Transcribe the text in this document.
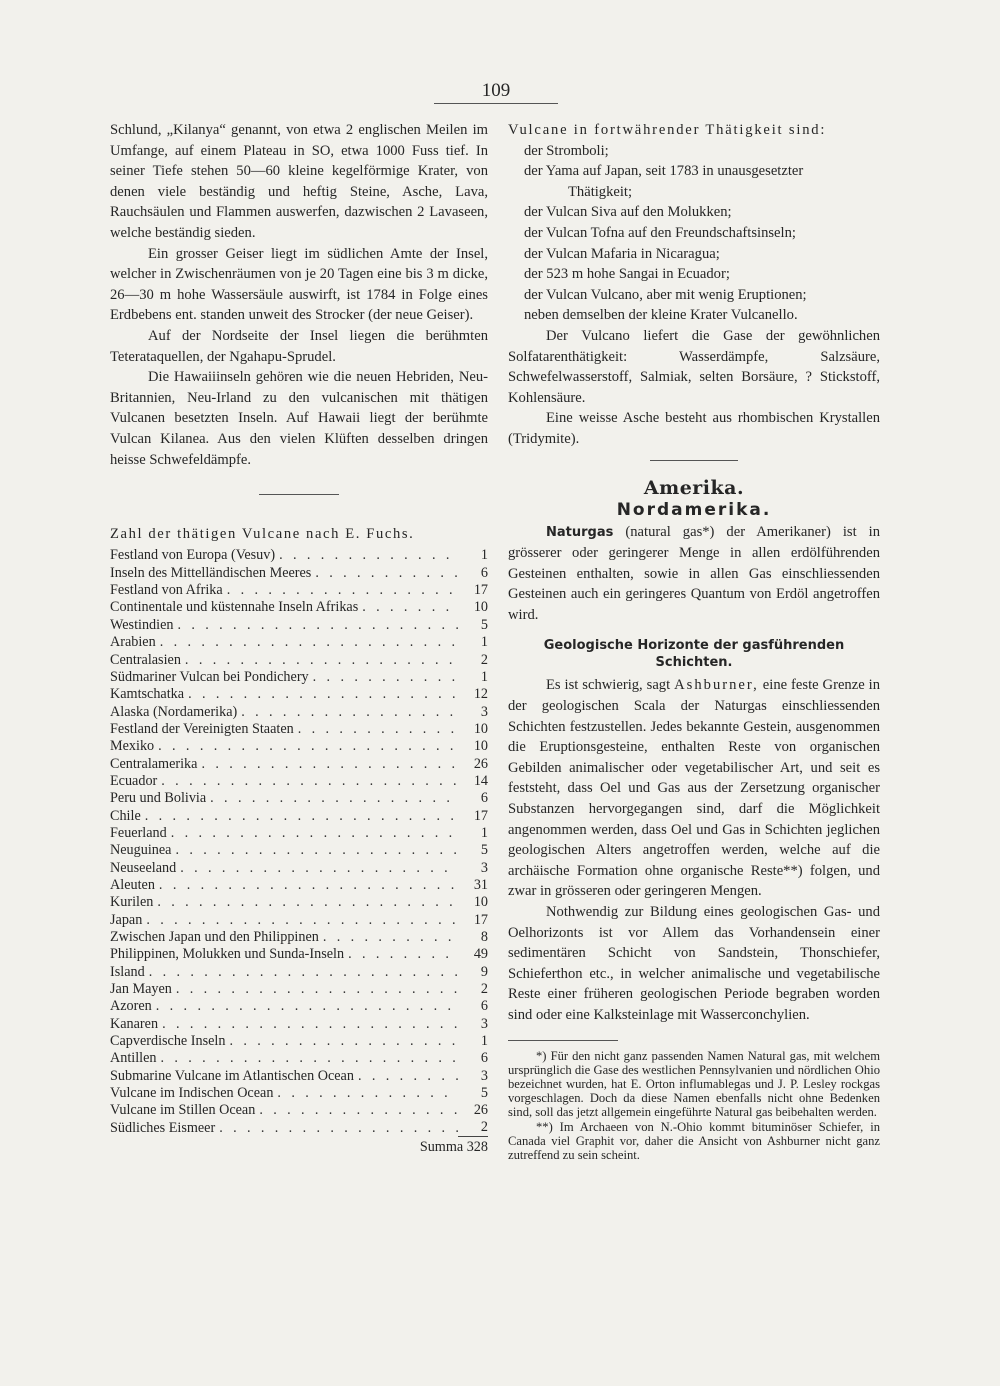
109

Schlund, „Kilanya“ genannt, von etwa 2 englischen Meilen im Umfange, auf einem Plateau in SO, etwa 1000 Fuss tief. In seiner Tiefe stehen 50—60 kleine kegelförmige Krater, von denen viele beständig und heftig Steine, Asche, Lava, Rauchsäulen und Flammen auswerfen, dazwischen 2 Lavaseen, welche beständig sieden.

Ein grosser Geiser liegt im südlichen Amte der Insel, welcher in Zwischenräumen von je 20 Tagen eine bis 3 m dicke, 26—30 m hohe Wassersäule auswirft, ist 1784 in Folge eines Erdbebens ent. standen unweit des Strocker (der neue Geiser).

Auf der Nordseite der Insel liegen die berühmten Teterataquellen, der Ngahapu-Sprudel.

Die Hawaiiinseln gehören wie die neuen Hebriden, Neu-Britannien, Neu-Irland zu den vulcanischen mit thätigen Vulcanen besetzten Inseln. Auf Hawaii liegt der berühmte Vulcan Kilanea. Aus den vielen Klüften desselben dringen heisse Schwefeldämpfe.

Zahl der thätigen Vulcane nach E. Fuchs.
Festland von Europa (Vesuv) . . .	1
Inseln des Mittelländischen Meeres . . .	6
Festland von Afrika . . .	17
Continentale und küstennahe Inseln Afrikas . . .	10
Westindien . . .	5
Arabien . . .	1
Centralasien . . .	2
Südmariner Vulcan bei Pondichery . . .	1
Kamtschatka . . .	12
Alaska (Nordamerika) . . .	3
Festland der Vereinigten Staaten . . .	10
Mexiko . . .	10
Centralamerika . . .	26
Ecuador . . .	14
Peru und Bolivia . . .	6
Chile . . .	17
Feuerland . . .	1
Neuguinea . . .	5
Neuseeland . . .	3
Aleuten . . .	31
Kurilen . . .	10
Japan . . .	17
Zwischen Japan und den Philippinen . . .	8
Philippinen, Molukken und Sunda-Inseln . . .	49
Island . . .	9
Jan Mayen . . .	2
Azoren . . .	6
Kanaren . . .	3
Capverdische Inseln . . .	1
Antillen . . .	6
Submarine Vulcane im Atlantischen Ocean . . .	3
Vulcane im Indischen Ocean . . .	5
Vulcane im Stillen Ocean . . .	26
Südliches Eismeer . . .	2
Summa 328
Vulcane in fortwährender Thätigkeit sind:
der Stromboli;
der Yama auf Japan, seit 1783 in unausgesetzter
Thätigkeit;
der Vulcan Siva auf den Molukken;
der Vulcan Tofna auf den Freundschaftsinseln;
der Vulcan Mafaria in Nicaragua;
der 523 m hohe Sangai in Ecuador;
der Vulcan Vulcano, aber mit wenig Eruptionen;
neben demselben der kleine Krater Vulcanello.

Der Vulcano liefert die Gase der gewöhnlichen Solfatarenthätigkeit: Wasserdämpfe, Salzsäure, Schwefelwasserstoff, Salmiak, selten Borsäure, ? Stickstoff, Kohlensäure.

Eine weisse Asche besteht aus rhombischen Krystallen (Tridymite).

Amerika.
Nordamerika.

Naturgas (natural gas*) der Amerikaner) ist in grösserer oder geringerer Menge in allen erdölführenden Gesteinen enthalten, sowie in allen Gas einschliessenden Gesteinen auch ein geringeres Quantum von Erdöl angetroffen wird.

Geologische Horizonte der gasführenden Schichten.

Es ist schwierig, sagt Ashburner, eine feste Grenze in der geologischen Scala der Naturgas einschliessenden Schichten festzustellen. Jedes bekannte Gestein, ausgenommen die Eruptionsgesteine, enthalten Reste von organischen Gebilden animalischer oder vegetabilischer Art, und seit es feststeht, dass Oel und Gas aus der Zersetzung organischer Substanzen hervorgegangen sind, darf die Möglichkeit angenommen werden, dass Oel und Gas in Schichten jeglichen geologischen Alters angetroffen werden, welche auf die archäische Formation ohne organische Reste**) folgen, und zwar in grösseren oder geringeren Mengen.

Nothwendig zur Bildung eines geologischen Gas- und Oelhorizonts ist vor Allem das Vorhandensein einer sedimentären Schicht von Sandstein, Thonschiefer, Schieferthon etc., in welcher animalische und vegetabilische Reste einer früheren geologischen Periode begraben worden sind oder eine Kalksteinlage mit Wasserconchylien.

*) Für den nicht ganz passenden Namen Natural gas, mit welchem ursprünglich die Gase des westlichen Pennsylvanien und nördlichen Ohio bezeichnet wurden, hat E. Orton influmablegas und J. P. Lesley rockgas vorgeschlagen. Doch da diese Namen ebenfalls nicht ohne Bedenken sind, soll das jetzt allgemein eingeführte Natural gas beibehalten werden.
**) Im Archaeen von N.-Ohio kommt bituminöser Schiefer, in Canada viel Graphit vor, daher die Ansicht von Ashburner nicht ganz zutreffend zu sein scheint.
